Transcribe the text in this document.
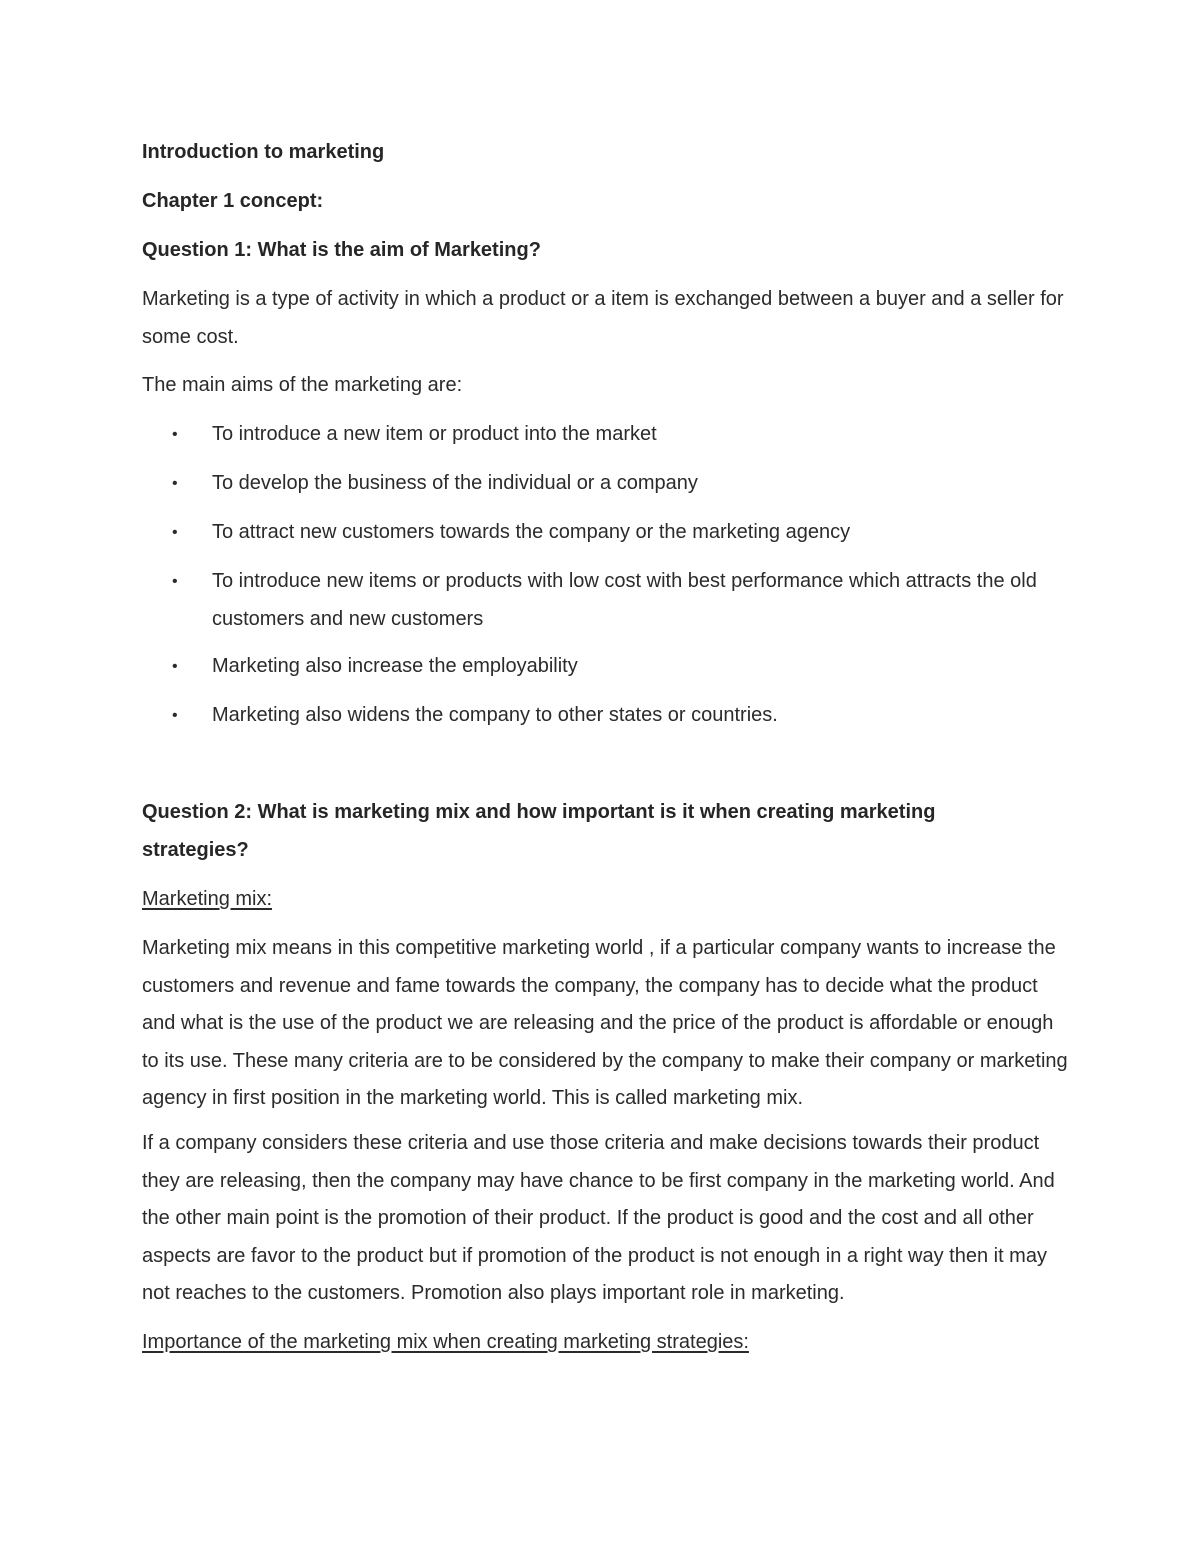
Introduction to marketing
Chapter 1 concept:
Question 1: What is the aim of Marketing?

Marketing is a type of activity in which a product or a item is exchanged between a buyer and a seller for some cost.

The main aims of the marketing are:

•	To introduce a new item or product into the market
•	To develop the business of the individual or a company
•	To attract new customers towards the company or the marketing agency
•	To introduce new items or products with low cost with best performance which attracts the old customers and new customers
•	Marketing also increase the employability
•	Marketing also widens the company to other states or countries.

Question 2: What is marketing mix and how important is it when creating marketing strategies?

Marketing mix:

Marketing mix means in this competitive marketing world , if a particular company wants to increase the customers and revenue and fame towards the company, the company has to decide what the product and what is the use of the product we are releasing and the price of the product is affordable or enough to its use. These many criteria are to be considered by the company to make their company or marketing agency in first position in the marketing world. This is called marketing mix.

If a company considers these criteria and use those criteria and make decisions towards their product they are releasing, then the company may have chance to be first company in the marketing world. And the other main point is the promotion of their product. If the product is good and the cost and all other aspects are favor to the product but if promotion of the product is not enough in a right way then it may not reaches to the customers. Promotion also plays important role in marketing.

Importance of the marketing mix when creating marketing strategies:
